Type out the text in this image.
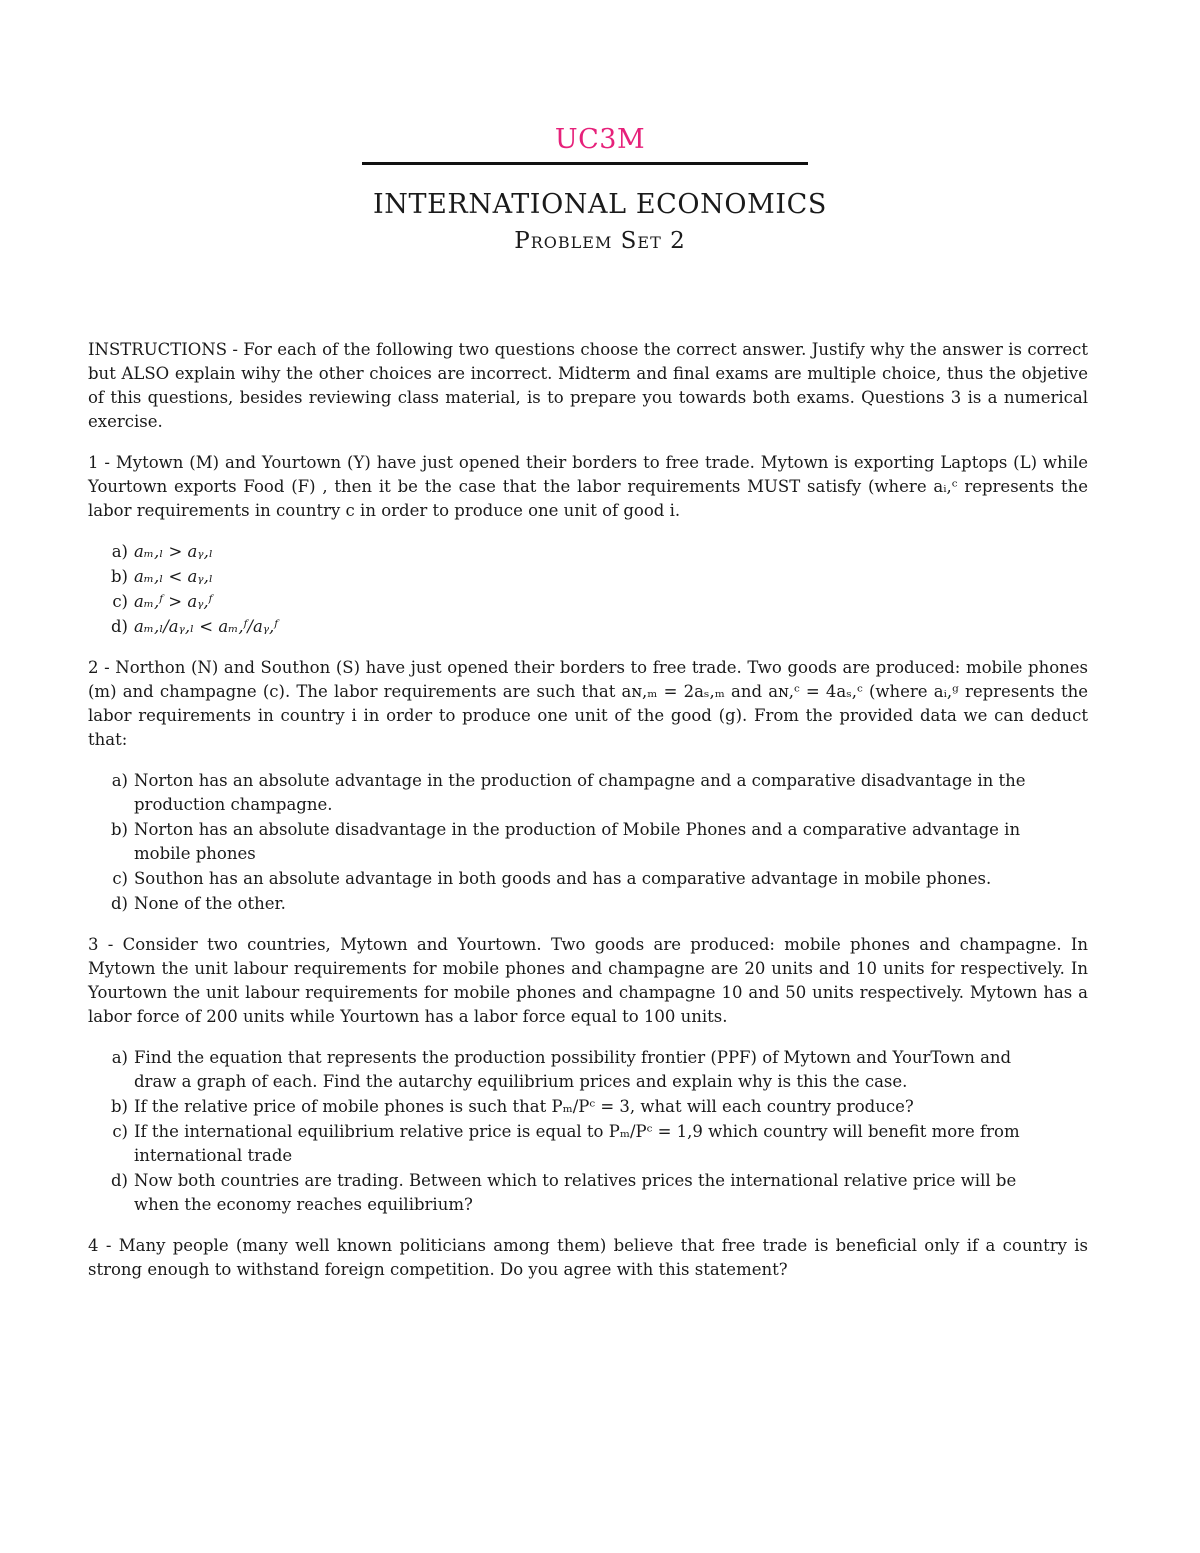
UC3M
INTERNATIONAL ECONOMICS
Problem Set 2

INSTRUCTIONS - For each of the following two questions choose the correct answer. Justify why the answer is correct but ALSO explain wihy the other choices are incorrect. Midterm and final exams are multiple choice, thus the objetive of this questions, besides reviewing class material, is to prepare you towards both exams. Questions 3 is a numerical exercise.

1 - Mytown (M) and Yourtown (Y) have just opened their borders to free trade. Mytown is exporting Laptops (L) while Yourtown exports Food (F) , then it be the case that the labor requirements MUST satisfy (where aᵢ,ᶜ represents the labor requirements in country c in order to produce one unit of good i.

a) aₘ,ₗ > aᵧ,ₗ
b) aₘ,ₗ < aᵧ,ₗ
c) aₘ,ᶠ > aᵧ,ᶠ
d) aₘ,ₗ/aᵧ,ₗ < aₘ,ᶠ/aᵧ,ᶠ

2 - Northon (N) and Southon (S) have just opened their borders to free trade. Two goods are produced: mobile phones (m) and champagne (c). The labor requirements are such that aɴ,ₘ = 2aₛ,ₘ and aɴ,ᶜ = 4aₛ,ᶜ (where aᵢ,ᵍ represents the labor requirements in country i in order to produce one unit of the good (g). From the provided data we can deduct that:

a) Norton has an absolute advantage in the production of champagne and a comparative disadvantage in the production champagne.
b) Norton has an absolute disadvantage in the production of Mobile Phones and a comparative advantage in mobile phones
c) Southon has an absolute advantage in both goods and has a comparative advantage in mobile phones.
d) None of the other.

3 - Consider two countries, Mytown and Yourtown. Two goods are produced: mobile phones and champagne. In Mytown the unit labour requirements for mobile phones and champagne are 20 units and 10 units for respectively. In Yourtown the unit labour requirements for mobile phones and champagne 10 and 50 units respectively. Mytown has a labor force of 200 units while Yourtown has a labor force equal to 100 units.

a) Find the equation that represents the production possibility frontier (PPF) of Mytown and YourTown and draw a graph of each. Find the autarchy equilibrium prices and explain why is this the case.
b) If the relative price of mobile phones is such that Pₘ/Pᶜ = 3, what will each country produce?
c) If the international equilibrium relative price is equal to Pₘ/Pᶜ = 1,9 which country will benefit more from international trade
d) Now both countries are trading. Between which to relatives prices the international relative price will be when the economy reaches equilibrium?

4 - Many people (many well known politicians among them) believe that free trade is beneficial only if a country is strong enough to withstand foreign competition. Do you agree with this statement?
